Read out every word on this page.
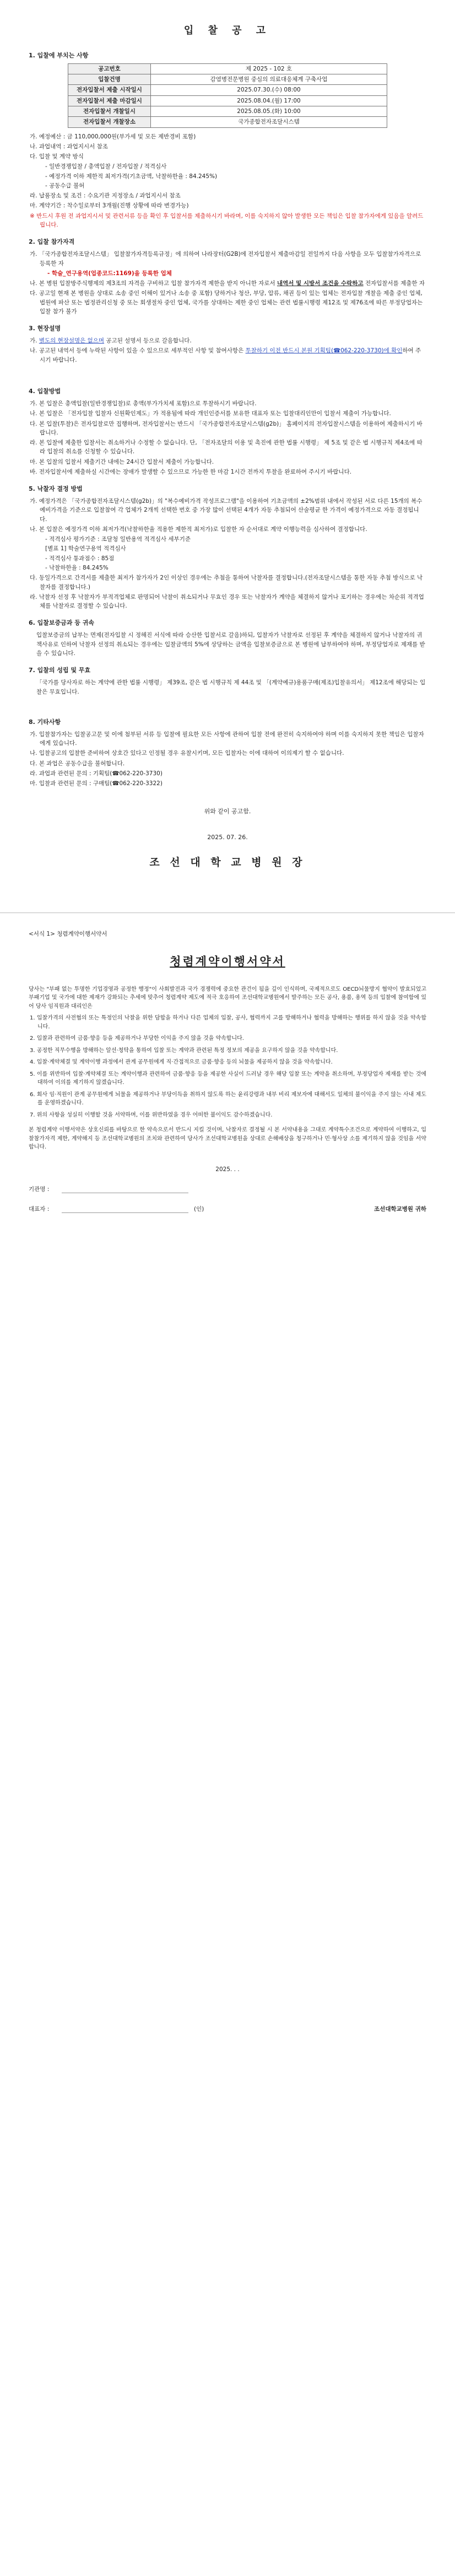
입 찰 공 고
1. 입찰에 부치는 사항
공고번호	제 2025 - 102 호
입찰건명	감염병전문병원 중심의 의료대응체계 구축사업
전자입찰서 제출 시작일시	2025.07.30.(수) 08:00
전자입찰서 제출 마감일시	2025.08.04.(월) 17:00
전자입찰서 개찰일시	2025.08.05.(화) 10:00
전자입찰서 개찰장소	국가종합전자조달시스템
가. 예정예산 : 금 110,000,000원(부가세 및 모든 제반경비 포함)
나. 과업내역 : 과업지시서 참조
다. 입찰 및 계약 방식
- 일반경쟁입찰 / 총액입찰 / 전자입찰 / 적격심사
- 예정가격 이하 제한적 최저가격(기초금액, 낙찰하한율 : 84.245%)
- 공동수급 불허
라. 납품장소 및 조건 : 수요기관 지정장소 / 과업지시서 참조
마. 계약기간 : 착수일로부터 3개월(진행 상황에 따라 변경가능)
※ 반드시 후원 전 과업지시서 및 관련서류 등을 확인 후 입찰서를 제출하시기 바라며, 이를 숙지하지 않아 발생한 모든 책임은 입찰 참가자에게 있음을 알려드립니다.
2. 입찰 참가자격
가. 「국가종합전자조달시스템」 입찰참가자격등록규정」에 의하여 나라장터(G2B)에 전자입찰서 제출마감일 전일까지 다음 사항을 모두 입찰참가자격으로 등록한 자
- 학술_연구용역(업종코드:1169)을 등록한 업체
나. 본 병원 입찰방주식행제의 제3조의 자격을 구비하고 입찰 참가자격 제한을 받지 아니한 자로서 내역서 및 시방서 조건을 수락하고 전자입찰서를 제출한 자
다. 공고일 현재 본 병원을 상대로 소송 중인 이해이 있거나 소송 중 포함) 당하거나 청산, 부당, 압류, 채권 등이 있는 업체는 전자입찰 개찰을 제출 중인 업체, 법원에 파산 또는 법정관리신청 중 또는 회생절차 중인 업체, 국가를 상대하는 제한 중인 업체는 관련 법률시행령 제12조 및 제76조에 따른 부정당업자는 입찰 참가 불가
3. 현장설명
가. 별도의 현장설명은 없으며 공고된 설명서 등으로 갈음합니다.
나. 공고된 내역서 등에 누락된 사항이 있을 수 있으므로 세부적인 사항 및 참여사항은 투찰하기 이전 반드시 본원 기획팀(☎062-220-3730)에 확인하여 주시기 바랍니다.
4. 입찰방법
가. 본 입찰은 총액입찰(일반경쟁입찰)로 총액(부가가치세 포함)으로 투찰하시기 바랍니다.
나. 본 입찰은 「전자입찰 입찰자 신원확인제도」가 적용됨에 따라 개인인증서를 보유한 대표자 또는 입찰대리인만이 입찰서 제출이 가능합니다.
다. 본 입찰(투찰)은 전자입찰로만 집행하며, 전자입찰서는 반드시 「국가종합전자조달시스템(g2b)」 홈페이지의 전자입찰시스템을 이용하여 제출하시기 바랍니다.
라. 본 입찰에 제출한 입찰서는 취소하거나 수정할 수 없습니다. 단, 「전자조달의 이용 및 촉진에 관한 법률 시행령」 제 5조 및 같은 법 시행규칙 제4조에 따라 입찰의 취소를 신청할 수 있습니다.
마. 본 입찰의 입찰서 제출기간 내에는 24시간 입찰서 제출이 가능합니다.
바. 전자입찰서에 제출하실 시간에는 장애가 발생할 수 있으므로 가능한 한 마감 1시간 전까지 투찰을 완료하여 주시기 바랍니다.
5. 낙찰자 결정 방법
가. 예정가격은 「국가종합전자조달시스템(g2b)」의 "복수예비가격 작성프로그램"을 이용하여 기초금액의 ±2%범위 내에서 작성된 서로 다른 15개의 복수예비가격을 기준으로 입찰참여 각 업체가 2개씩 선택한 번호 중 가장 많이 선택된 4개가 자동 추첨되어 산술평균 한 가격이 예정가격으로 자동 결정됩니다.
나. 본 입찰은 예정가격 이하 최저가격(낙찰하한율 적용한 제한적 최저가)로 입찰한 자 순서대로 계약 이행능력을 심사하여 결정합니다.
- 적격심사 평가기준 : 조달청 일반용역 적격심사 세부기준
[별표 1] 학술연구용역 적격심사
- 적격심사 통과점수 : 85점
- 낙찰하한율 : 84.245%
다. 동일가격으로 간격서를 제출한 최저가 참가자가 2인 이상인 경우에는 추첨을 통하여 낙찰자를 결정합니다.(전자조달시스템을 통한 자동 추첨 방식으로 낙찰자를 결정합니다.)
라. 낙찰자 선정 후 낙찰자가 부적격업체로 판명되어 낙찰이 취소되거나 무효인 경우 또는 낙찰자가 계약을 체결하지 않거나 포기하는 경우에는 차순위 적격업체를 낙찰자로 결정할 수 있습니다.
6. 입찰보증금과 등 귀속
입찰보증금의 납부는 면제(전자입찰 시 정해진 서식에 따라 승산한 입찰서로 갈음)하되, 입찰자가 낙찰자로 선정된 후 계약을 체결하지 않거나 낙찰자의 귀책사유로 인하여 낙찰자 선정의 취소되는 경우에는 입찰금액의 5%에 상당하는 금액을 입찰보증금으로 본 병원에 납부하여야 하며, 부정당업자로 제재를 받을 수 있습니다.
7. 입찰의 성립 및 무효
「국가를 당사자로 하는 계약에 관한 법률 시행령」 제39조, 같은 법 시행규칙 제 44조 및 「(계약예규)용품구매(제조)입찰유의서」 제12조에 해당되는 입찰은 무효입니다.
8. 기타사항
가. 입찰참가자는 입찰공고문 및 이에 첨부된 서류 등 입찰에 필요한 모든 사항에 관하여 입찰 전에 완전히 숙지하여야 하며 이를 숙지하지 못한 책임은 입찰자에게 있습니다.
나. 입찰공고의 입찰한 준비하여 상호간 있다고 인정될 경우 유찰시키며, 모든 입찰자는 이에 대하여 이의제기 할 수 없습니다.
다. 본 과업은 공동수급을 불허합니다.
라. 과업과 관련된 문의 : 기획팀(☎062-220-3730)
마. 입찰과 관련된 문의 : 구매팀(☎062-220-3322)
위와 같이 공고함.
2025. 07. 26.
조 선 대 학 교 병 원 장
<서식 1> 청렴계약이행서약서
청렴계약이행서약서
당사는 "부패 없는 투명한 기업경영과 공정한 행정"이 사회발전과 국가 경쟁력에 중요한 관건이 됨을 깊이 인식하며, 국제적으로도 OECD뇌물방지 협약이 발효되었고 부패기업 및 국가에 대한 제재가 강화되는 추세에 맞추어 청렴계약 제도에 적극 호응하여 조선대학교병원에서 발주하는 모든 공사, 용품, 용역 등의 입찰에 참여함에 있어 당사 임직원과 대리인은
1. 입찰가격의 사전협의 또는 특정인의 낙찰을 위한 담합을 하거나 다른 업체의 입찰, 공사, 협력까지 고를 방해하거나 협력을 방해하는 행위를 하지 않을 것을 약속합니다.
2. 입찰과 관련하여 금품·향응 등을 제공하거나 부당한 이익을 주지 않을 것을 약속합니다.
3. 공정한 직무수행을 방해하는 알선·청탁을 통하여 입찰 또는 계약과 관련된 특정 정보의 제공을 요구하지 않을 것을 약속합니다.
4. 입찰·계약체결 및 계약이행 과정에서 관계 공무원에게 직·간접적으로 금품·향응 등의 뇌물을 제공하지 않을 것을 약속합니다.
5. 이를 위반하여 입찰·계약체결 또는 계약이행과 관련하여 금품·향응 등을 제공한 사실이 드러날 경우 해당 입찰 또는 계약을 취소하며, 부정당업자 제재를 받는 것에 대하여 이의를 제기하지 않겠습니다.
6. 회사 임·직원이 관계 공무원에게 뇌물을 제공하거나 부당이득을 취하지 않도록 하는 윤리강령과 내부 비리 제보자에 대해서도 일체의 불이익을 주지 않는 사내 제도를 운영하겠습니다.
7. 위의 사항을 성실히 이행할 것을 서약하며, 이를 위반하였을 경우 어떠한 불이익도 감수하겠습니다.
본 청렴계약 이행서약은 상호신뢰를 바탕으로 한 약속으로서 반드시 지킬 것이며, 낙찰자로 결정될 시 본 서약내용을 그대로 계약특수조건으로 계약하여 이행하고, 입찰참가자격 제한, 계약해지 등 조선대학교병원의 조치와 관련하여 당사가 조선대학교병원을 상대로 손해배상을 청구하거나 민·형사상 소를 제기하지 않을 것임을 서약합니다.
2025. . .
기관명 :
대표자 :	(인)	조선대학교병원 귀하
